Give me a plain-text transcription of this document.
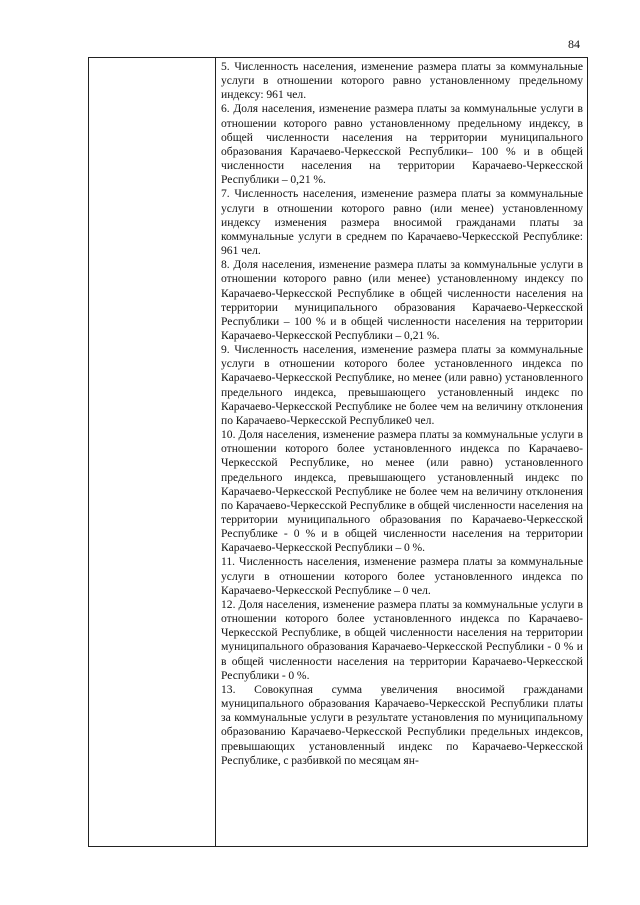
84

5. Численность населения, изменение размера платы за коммунальные услуги в отношении которого равно установленному предельному индексу: 961 чел.

6. Доля населения, изменение размера платы за коммунальные услуги в отношении которого равно установленному предельному индексу, в общей численности населения на территории муниципального образования Карачаево-Черкесской Республики– 100 % и в общей численности населения на территории Карачаево-Черкесской Республики – 0,21 %.

7. Численность населения, изменение размера платы за коммунальные услуги в отношении которого равно (или менее) установленному индексу изменения размера вносимой гражданами платы за коммунальные услуги в среднем по Карачаево-Черкесской Республике: 961 чел.

8. Доля населения, изменение размера платы за коммунальные услуги в отношении которого равно (или менее) установленному индексу по Карачаево-Черкесской Республике в общей численности населения на территории муниципального образования Карачаево-Черкесской Республики – 100 % и в общей численности населения на территории Карачаево-Черкесской Республики – 0,21 %.

9. Численность населения, изменение размера платы за коммунальные услуги в отношении которого более установленного индекса по Карачаево-Черкесской Республике, но менее (или равно) установленного предельного индекса, превышающего установленный индекс по Карачаево-Черкесской Республике не более чем на величину отклонения по Карачаево-Черкесской Республике0 чел.

10. Доля населения, изменение размера платы за коммунальные услуги в отношении которого более установленного индекса по Карачаево-Черкесской Республике, но менее (или равно) установленного предельного индекса, превышающего установленный индекс по Карачаево-Черкесской Республике не более чем на величину отклонения по Карачаево-Черкесской Республике в общей численности населения на территории муниципального образования по Карачаево-Черкесской Республике - 0 % и в общей численности населения на территории Карачаево-Черкесской Республики – 0 %.

11. Численность населения, изменение размера платы за коммунальные услуги в отношении которого более установленного индекса по Карачаево-Черкесской Республике – 0 чел.

12. Доля населения, изменение размера платы за коммунальные услуги в отношении которого более установленного индекса по Карачаево-Черкесской Республике, в общей численности населения на территории муниципального образования Карачаево-Черкесской Республики - 0 % и в общей численности населения на территории Карачаево-Черкесской Республики - 0 %.

13. Совокупная сумма увеличения вносимой гражданами муниципального образования Карачаево-Черкесской Республики платы за коммунальные услуги в результате установления по муниципальному образованию Карачаево-Черкесской Республики предельных индексов, превышающих установленный индекс по Карачаево-Черкесской Республике, с разбивкой по месяцам ян-
